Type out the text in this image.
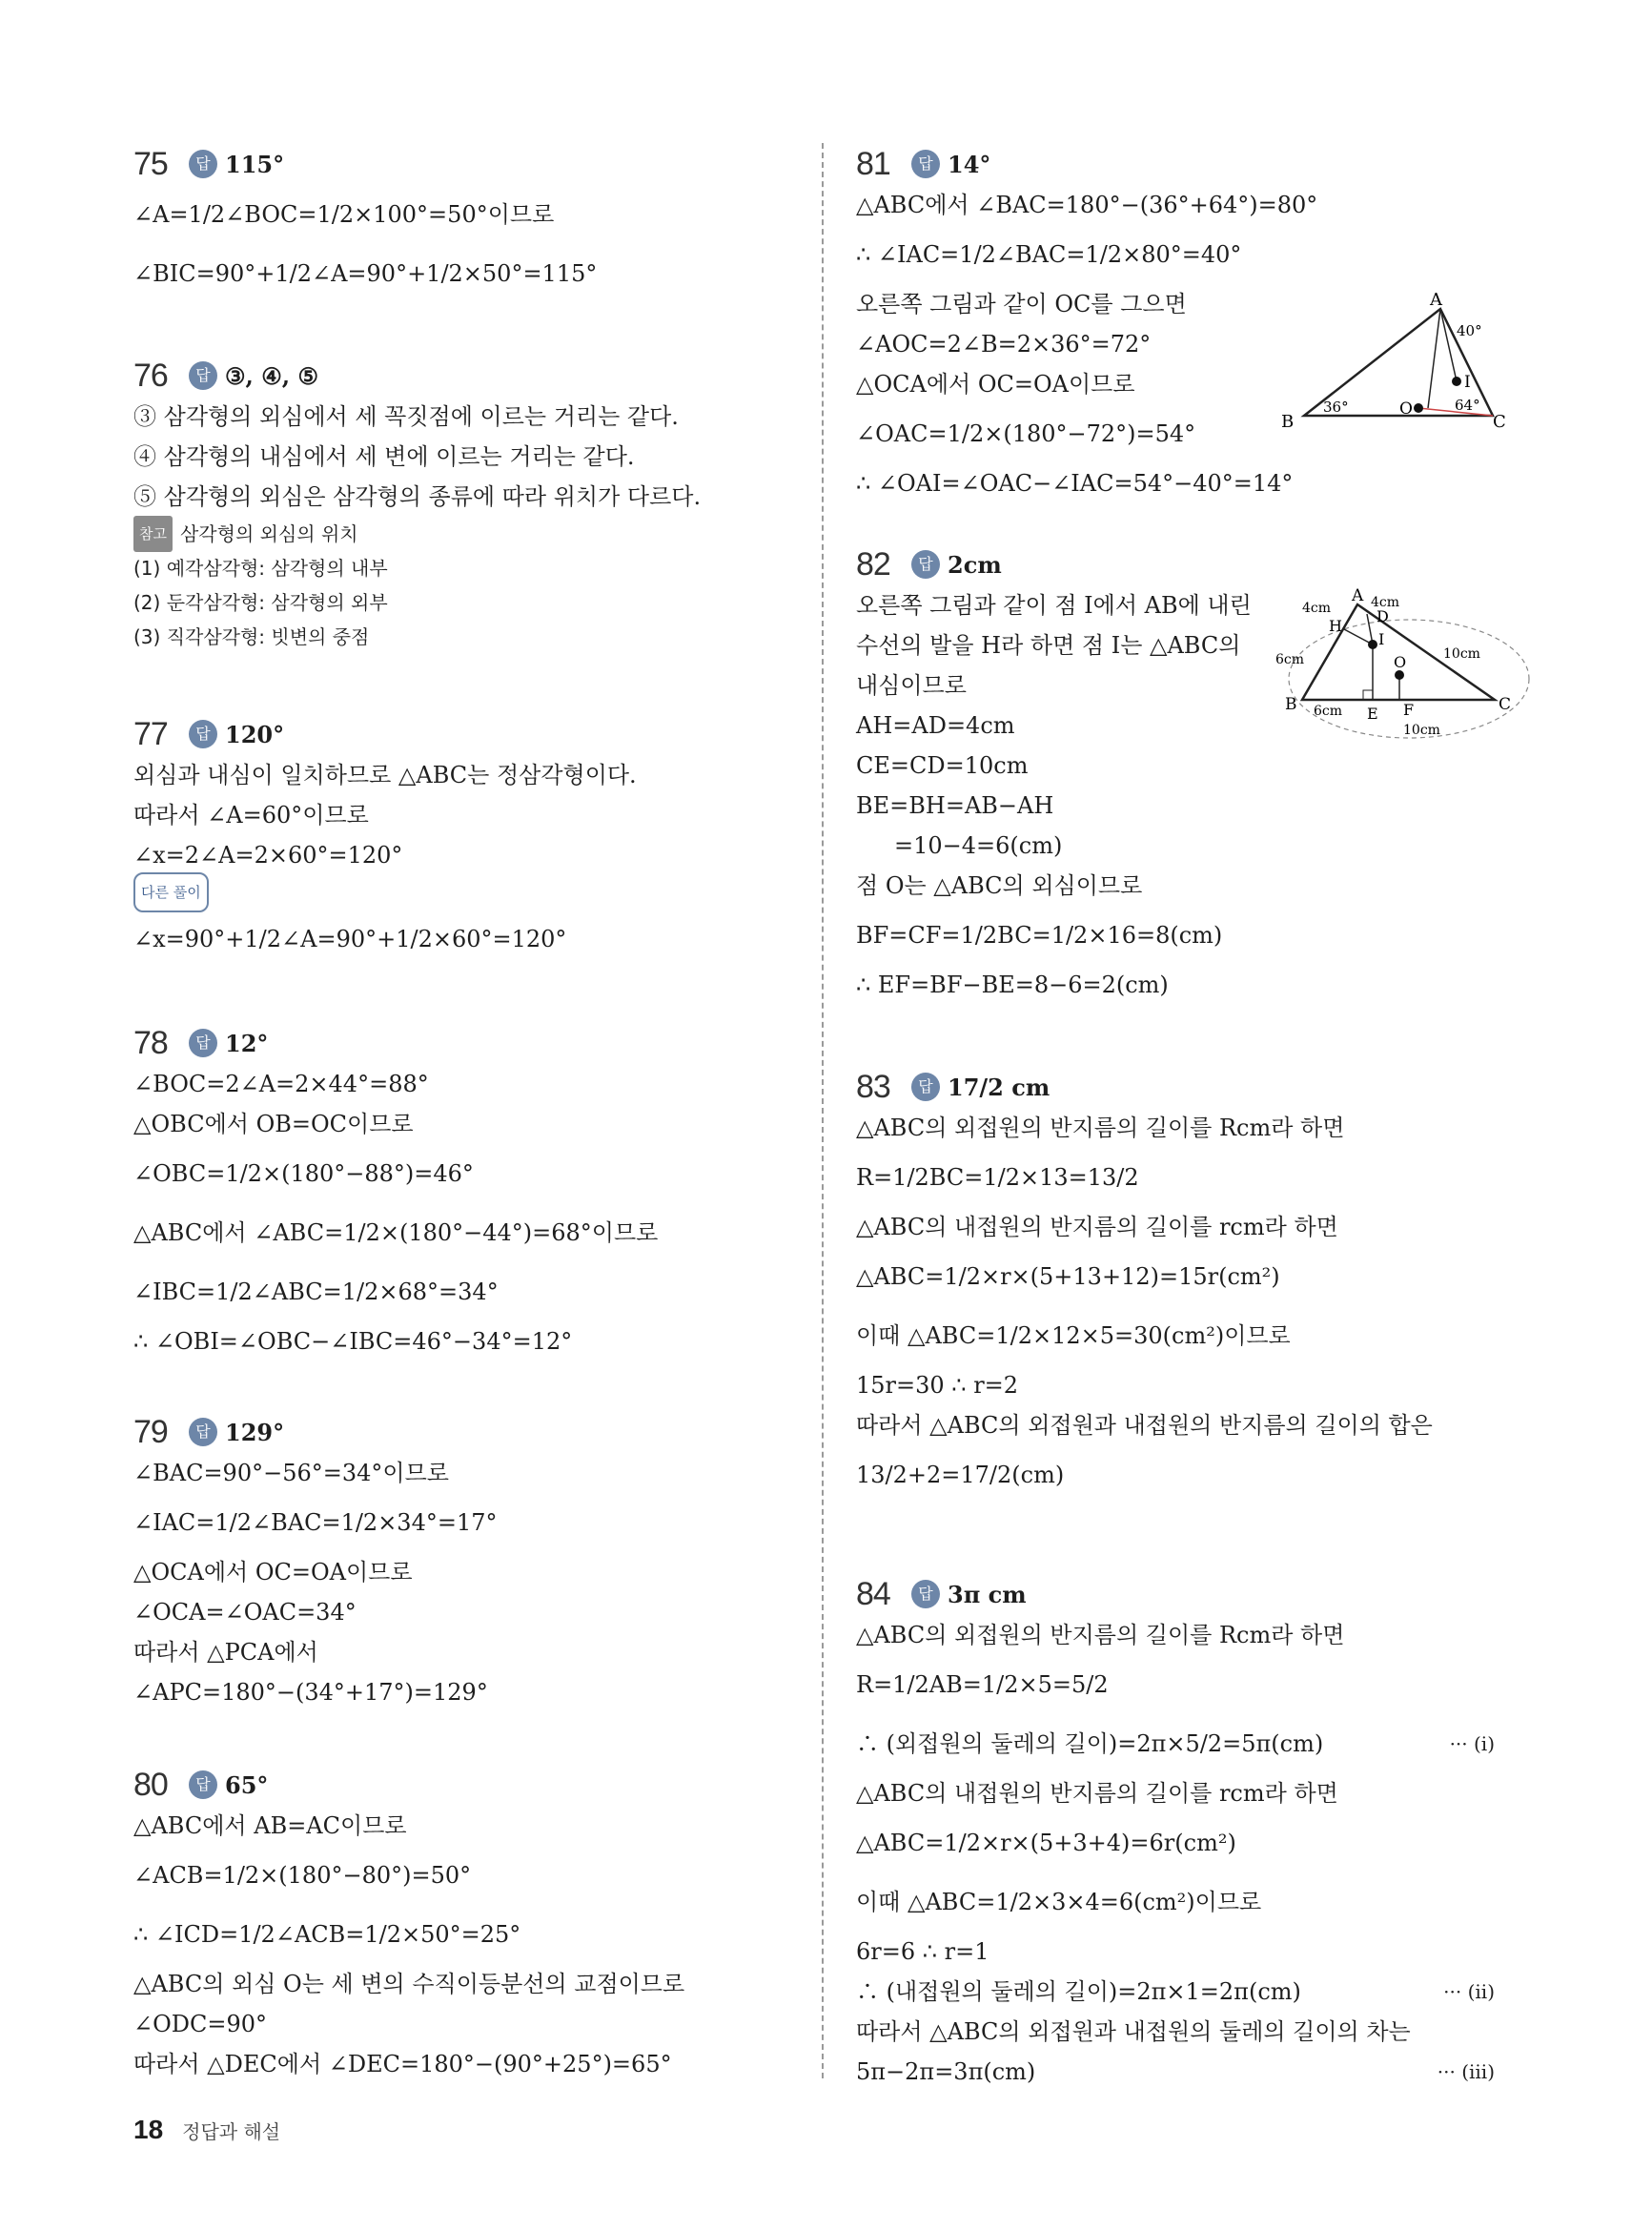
75	답 115°
∠A=1/2∠BOC=1/2×100°=50°이므로
∠BIC=90°+1/2∠A=90°+1/2×50°=115°
76	답 ③, ④, ⑤
③ 삼각형의 외심에서 세 꼭짓점에 이르는 거리는 같다.
④ 삼각형의 내심에서 세 변에 이르는 거리는 같다.
⑤ 삼각형의 외심은 삼각형의 종류에 따라 위치가 다르다.
참고 삼각형의 외심의 위치
(1) 예각삼각형: 삼각형의 내부
(2) 둔각삼각형: 삼각형의 외부
(3) 직각삼각형: 빗변의 중점
77	답 120°
외심과 내심이 일치하므로 △ABC는 정삼각형이다.
따라서 ∠A=60°이므로
∠x=2∠A=2×60°=120°
다른 풀이
∠x=90°+1/2∠A=90°+1/2×60°=120°
78	답 12°
∠BOC=2∠A=2×44°=88°
△OBC에서 OB=OC이므로
∠OBC=1/2×(180°−88°)=46°
△ABC에서 ∠ABC=1/2×(180°−44°)=68°이므로
∠IBC=1/2∠ABC=1/2×68°=34°
∴ ∠OBI=∠OBC−∠IBC=46°−34°=12°
79	답 129°
∠BAC=90°−56°=34°이므로
∠IAC=1/2∠BAC=1/2×34°=17°
△OCA에서 OC=OA이므로
∠OCA=∠OAC=34°
따라서 △PCA에서
∠APC=180°−(34°+17°)=129°
80	답 65°
△ABC에서 AB=AC이므로
∠ACB=1/2×(180°−80°)=50°
∴ ∠ICD=1/2∠ACB=1/2×50°=25°
△ABC의 외심 O는 세 변의 수직이등분선의 교점이므로
∠ODC=90°
따라서 △DEC에서 ∠DEC=180°−(90°+25°)=65°
81	답 14°
△ABC에서 ∠BAC=180°−(36°+64°)=80°
∴ ∠IAC=1/2∠BAC=1/2×80°=40°
오른쪽 그림과 같이 OC를 그으면
∠AOC=2∠B=2×36°=72°
△OCA에서 OC=OA이므로
∠OAC=1/2×(180°−72°)=54°
∴ ∠OAI=∠OAC−∠IAC=54°−40°=14°
A
B	C
O
I
40°
36°	64°
82	답 2cm
오른쪽 그림과 같이 점 I에서 AB에 내린
수선의 발을 H라 하면 점 I는 △ABC의
내심이므로
AH=AD=4cm
CE=CD=10cm
BE=BH=AB−AH
=10−4=6(cm)
점 O는 △ABC의 외심이므로
BF=CF=1/2BC=1/2×16=8(cm)
∴ EF=BF−BE=8−6=2(cm)
A
B	C
D
E F
H
I
O
4cm	4cm
6cm
6cm
10cm
10cm
83	답 17/2 cm
△ABC의 외접원의 반지름의 길이를 Rcm라 하면
R=1/2BC=1/2×13=13/2
△ABC의 내접원의 반지름의 길이를 rcm라 하면
△ABC=1/2×r×(5+13+12)=15r(cm²)
이때 △ABC=1/2×12×5=30(cm²)이므로
15r=30 ∴ r=2
따라서 △ABC의 외접원과 내접원의 반지름의 길이의 합은
13/2+2=17/2(cm)
84	답 3π cm
△ABC의 외접원의 반지름의 길이를 Rcm라 하면
R=1/2AB=1/2×5=5/2
∴ (외접원의 둘레의 길이)=2π×5/2=5π(cm)	··· (i)
△ABC의 내접원의 반지름의 길이를 rcm라 하면
△ABC=1/2×r×(5+3+4)=6r(cm²)
이때 △ABC=1/2×3×4=6(cm²)이므로
6r=6 ∴ r=1
∴ (내접원의 둘레의 길이)=2π×1=2π(cm)	··· (ii)
따라서 △ABC의 외접원과 내접원의 둘레의 길이의 차는
5π−2π=3π(cm)	··· (iii)
18 정답과 해설
